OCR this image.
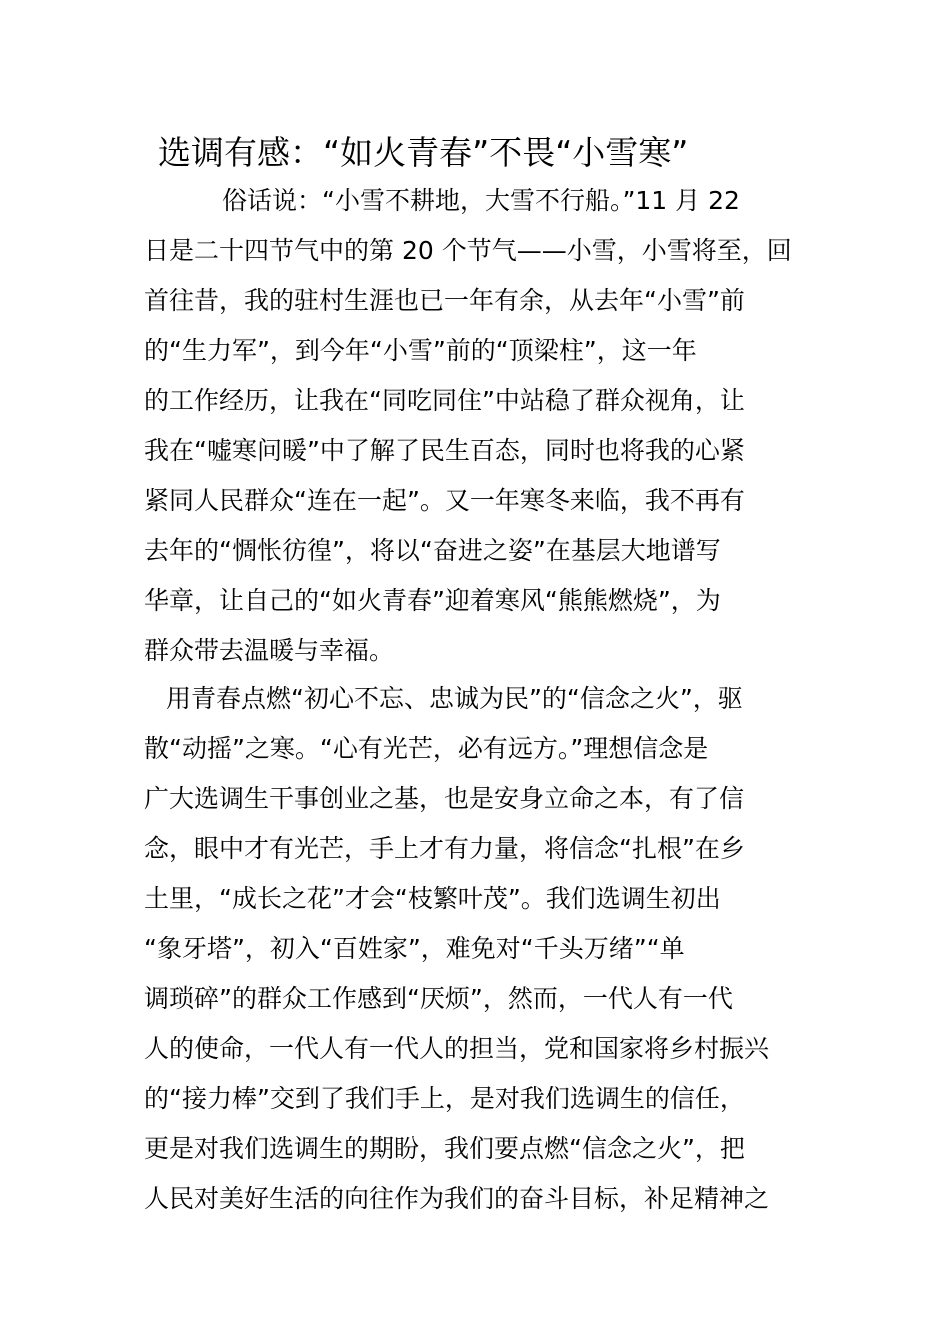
选调有感：“如火青春”不畏“小雪寒”
俗话说：“小雪不耕地，大雪不行船。”11 月 22
日是二十四节气中的第 20 个节气——小雪，小雪将至，回
首往昔，我的驻村生涯也已一年有余，从去年“小雪”前
的“生力军”，到今年“小雪”前的“顶梁柱”，这一年
的工作经历，让我在“同吃同住”中站稳了群众视角，让
我在“嘘寒问暖”中了解了民生百态，同时也将我的心紧
紧同人民群众“连在一起”。又一年寒冬来临，我不再有
去年的“惆怅彷徨”，将以“奋进之姿”在基层大地谱写
华章，让自己的“如火青春”迎着寒风“熊熊燃烧”，为
群众带去温暖与幸福。
用青春点燃“初心不忘、忠诚为民”的“信念之火”，驱
散“动摇”之寒。“心有光芒，必有远方。”理想信念是
广大选调生干事创业之基，也是安身立命之本，有了信
念，眼中才有光芒，手上才有力量，将信念“扎根”在乡
土里，“成长之花”才会“枝繁叶茂”。我们选调生初出
“象牙塔”，初入“百姓家”，难免对“千头万绪”“单
调琐碎”的群众工作感到“厌烦”，然而，一代人有一代
人的使命，一代人有一代人的担当，党和国家将乡村振兴
的“接力棒”交到了我们手上，是对我们选调生的信任，
更是对我们选调生的期盼，我们要点燃“信念之火”，把
人民对美好生活的向往作为我们的奋斗目标，补足精神之
